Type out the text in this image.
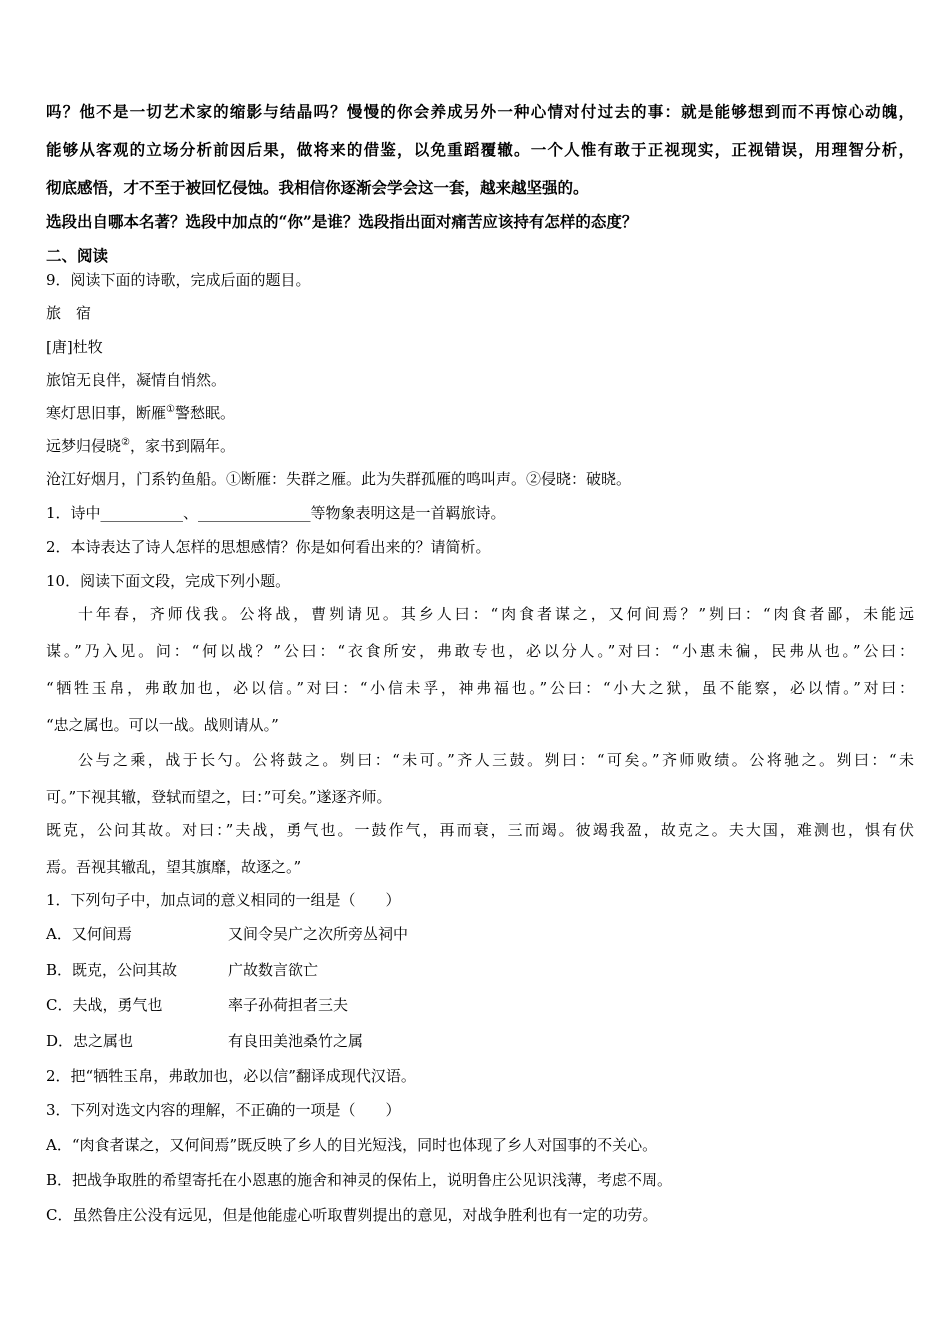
吗？他不是一切艺术家的缩影与结晶吗？慢慢的你会养成另外一种心情对付过去的事：就是能够想到而不再惊心动魄，
能够从客观的立场分析前因后果，做将来的借鉴，以免重蹈覆辙。一个人惟有敢于正视现实，正视错误，用理智分析，
彻底感悟，才不至于被回忆侵蚀。我相信你逐渐会学会这一套，越来越坚强的。
选段出自哪本名著？选段中加点的“你”是谁？选段指出面对痛苦应该持有怎样的态度？
二、阅读
9．阅读下面的诗歌，完成后面的题目。
旅　宿
[唐]杜牧
旅馆无良伴，凝情自悄然。
寒灯思旧事，断雁①警愁眠。
远梦归侵晓②，家书到隔年。
沧江好烟月，门系钓鱼船。①断雁：失群之雁。此为失群孤雁的鸣叫声。②侵晓：破晓。
1．诗中___________、_______________等物象表明这是一首羁旅诗。
2．本诗表达了诗人怎样的思想感情？你是如何看出来的？请简析。
10．阅读下面文段，完成下列小题。
十年春，齐师伐我。公将战，曹刿请见。其乡人曰：“肉食者谋之，又何间焉？”刿曰：“肉食者鄙，未能远
谋。”乃入见。问：“何以战？”公曰：“衣食所安，弗敢专也，必以分人。”对曰：“小惠未徧，民弗从也。”公曰：
“牺牲玉帛，弗敢加也，必以信。”对曰：“小信未孚，神弗福也。”公曰：“小大之狱，虽不能察，必以情。”对曰：
“忠之属也。可以一战。战则请从。”
公与之乘，战于长勺。公将鼓之。刿曰：“未可。”齐人三鼓。刿曰：“可矣。”齐师败绩。公将驰之。刿曰：“未
可。”下视其辙，登轼而望之，曰：”可矣。”遂逐齐师。
既克，公问其故。对曰：”夫战，勇气也。一鼓作气，再而衰，三而竭。彼竭我盈，故克之。夫大国，难测也，惧有伏
焉。吾视其辙乱，望其旗靡，故逐之。”
1．下列句子中，加点词的意义相同的一组是（　　）
A．又何间焉	又间令吴广之次所旁丛祠中
B．既克，公问其故	广故数言欲亡
C．夫战，勇气也	率子孙荷担者三夫
D．忠之属也	有良田美池桑竹之属
2．把“牺牲玉帛，弗敢加也，必以信”翻译成现代汉语。
3．下列对选文内容的理解，不正确的一项是（　　）
A．“肉食者谋之，又何间焉”既反映了乡人的目光短浅，同时也体现了乡人对国事的不关心。
B．把战争取胜的希望寄托在小恩惠的施舍和神灵的保佑上，说明鲁庄公见识浅薄，考虑不周。
C．虽然鲁庄公没有远见，但是他能虚心听取曹刿提出的意见，对战争胜利也有一定的功劳。
